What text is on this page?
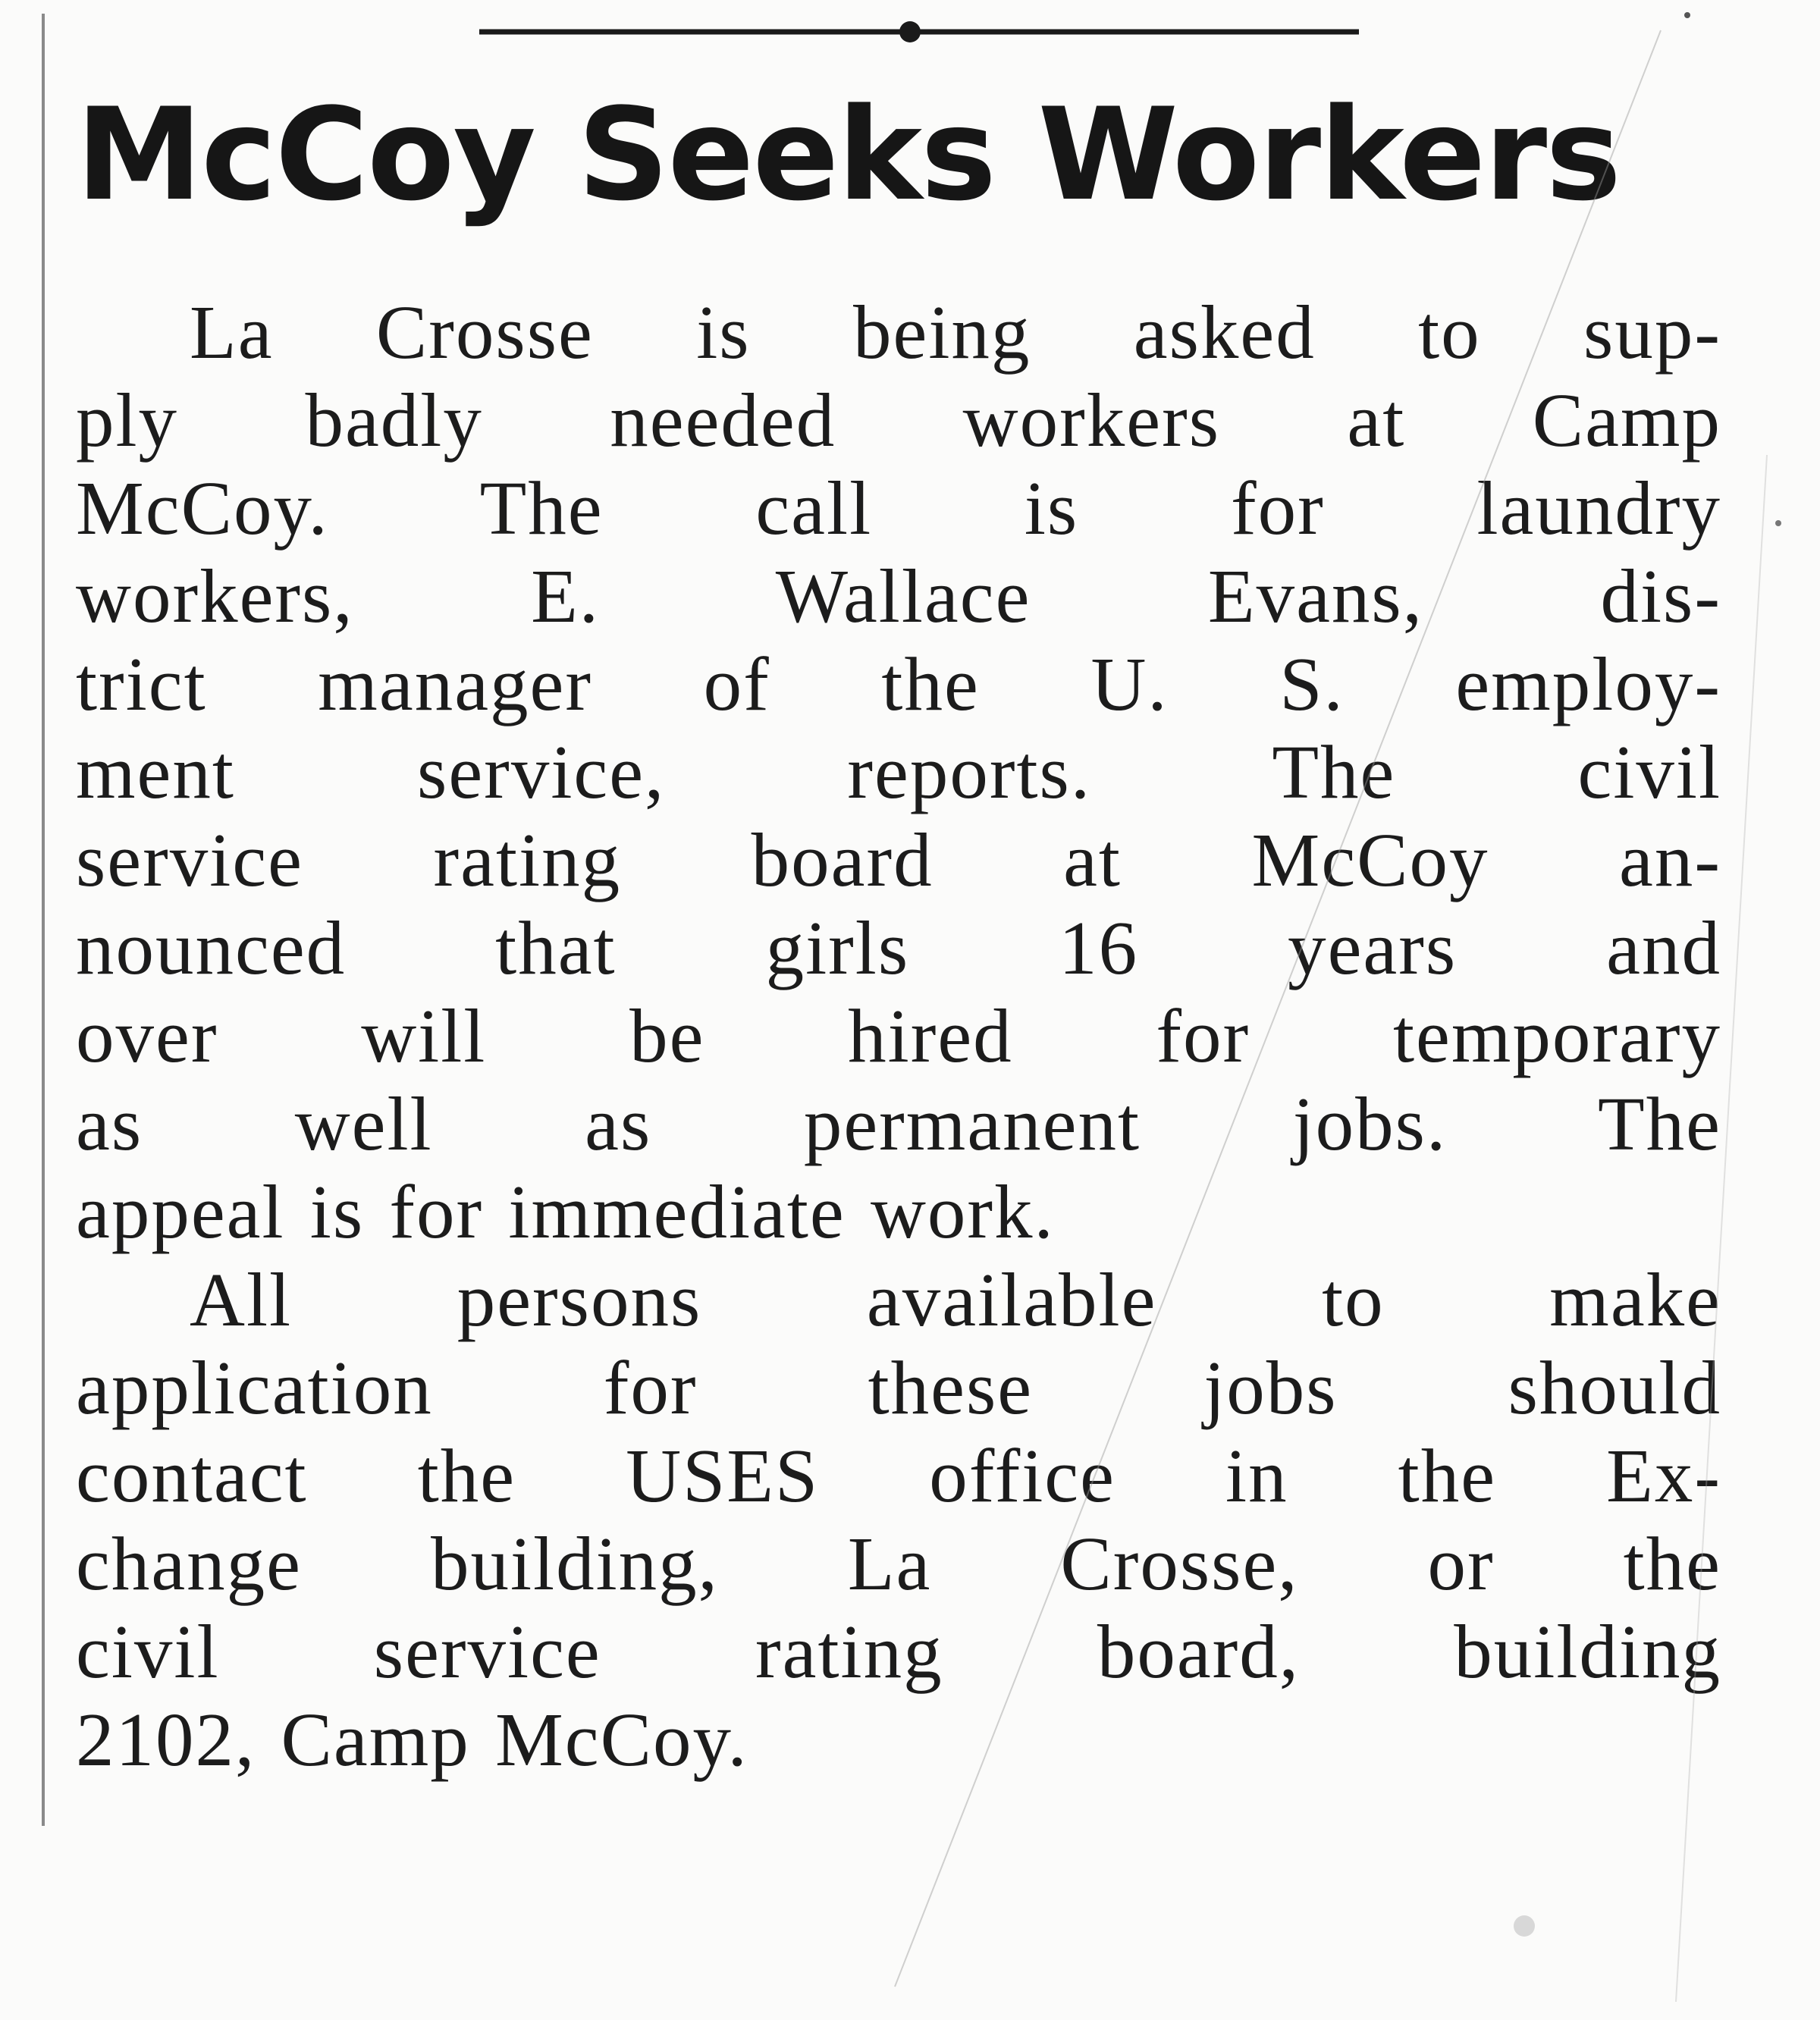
McCoy Seeks Workers
La Crosse is being asked to sup-
ply badly needed workers at Camp
McCoy. The call is for laundry
workers, E. Wallace Evans, dis-
trict manager of the U. S. employ-
ment service, reports. The civil
service rating board at McCoy an-
nounced that girls 16 years and
over will be hired for temporary
as well as permanent jobs. The
appeal is for immediate work.
All persons available to make
application for these jobs should
contact the USES office in the Ex-
change building, La Crosse, or the
civil service rating board, building
2102, Camp McCoy.
